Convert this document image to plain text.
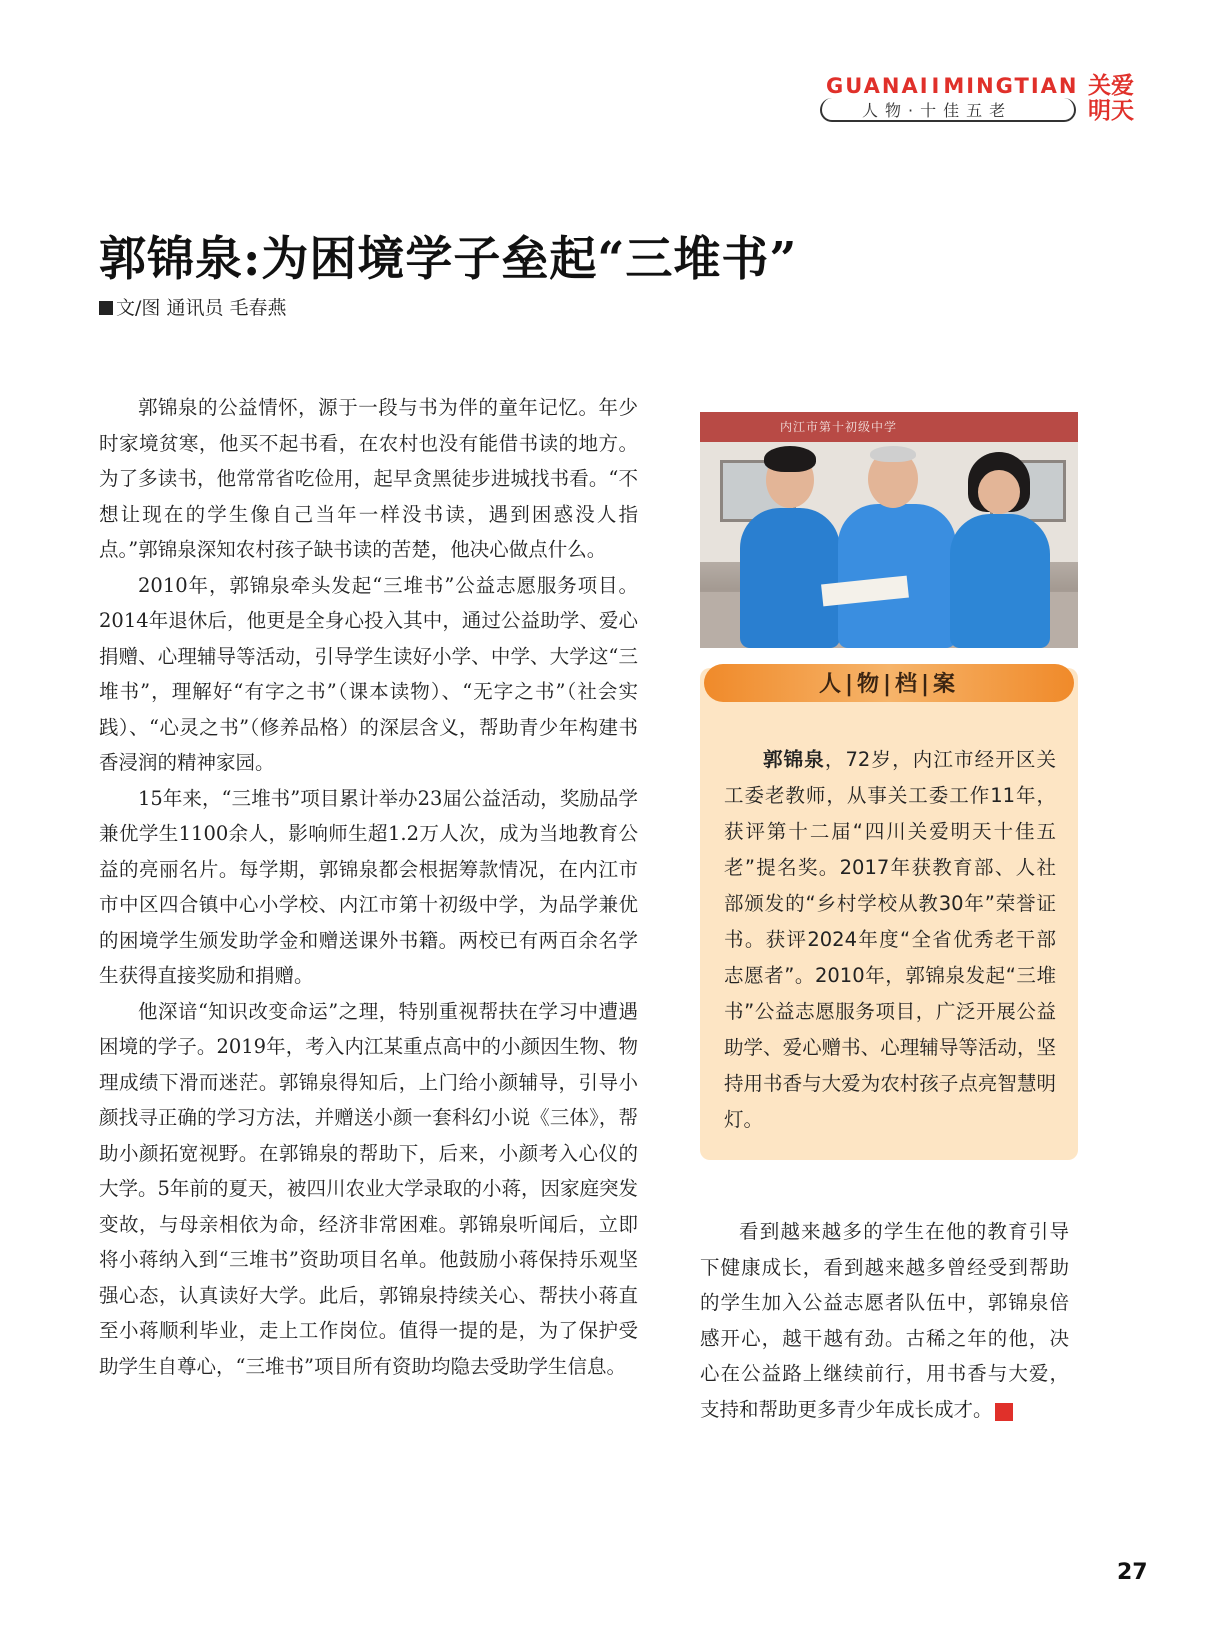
GUANAIIMINGTIAN
人物·十佳五老
关爱明天
郭锦泉:为困境学子垒起“三堆书”
文/图 通讯员 毛春燕

郭锦泉的公益情怀，源于一段与书为伴的童年记忆。年少时家境贫寒，他买不起书看，在农村也没有能借书读的地方。为了多读书，他常常省吃俭用，起早贪黑徒步进城找书看。“不想让现在的学生像自己当年一样没书读，遇到困惑没人指点。”郭锦泉深知农村孩子缺书读的苦楚，他决心做点什么。

2010年，郭锦泉牵头发起“三堆书”公益志愿服务项目。2014年退休后，他更是全身心投入其中，通过公益助学、爱心捐赠、心理辅导等活动，引导学生读好小学、中学、大学这“三堆书”，理解好“有字之书”（课本读物）、“无字之书”（社会实践）、“心灵之书”（修养品格）的深层含义，帮助青少年构建书香浸润的精神家园。

15年来，“三堆书”项目累计举办23届公益活动，奖励品学兼优学生1100余人，影响师生超1.2万人次，成为当地教育公益的亮丽名片。每学期，郭锦泉都会根据筹款情况，在内江市市中区四合镇中心小学校、内江市第十初级中学，为品学兼优的困境学生颁发助学金和赠送课外书籍。两校已有两百余名学生获得直接奖励和捐赠。

他深谙“知识改变命运”之理，特别重视帮扶在学习中遭遇困境的学子。2019年，考入内江某重点高中的小颜因生物、物理成绩下滑而迷茫。郭锦泉得知后，上门给小颜辅导，引导小颜找寻正确的学习方法，并赠送小颜一套科幻小说《三体》，帮助小颜拓宽视野。在郭锦泉的帮助下，后来，小颜考入心仪的大学。5年前的夏天，被四川农业大学录取的小蒋，因家庭突发变故，与母亲相依为命，经济非常困难。郭锦泉听闻后，立即将小蒋纳入到“三堆书”资助项目名单。他鼓励小蒋保持乐观坚强心态，认真读好大学。此后，郭锦泉持续关心、帮扶小蒋直至小蒋顺利毕业，走上工作岗位。值得一提的是，为了保护受助学生自尊心，“三堆书”项目所有资助均隐去受助学生信息。

内江市第十初级中学
人|物|档|案

郭锦泉，72岁，内江市经开区关工委老教师，从事关工委工作11年，获评第十二届“四川关爱明天十佳五老”提名奖。2017年获教育部、人社部颁发的“乡村学校从教30年”荣誉证书。获评2024年度“全省优秀老干部志愿者”。2010年，郭锦泉发起“三堆书”公益志愿服务项目，广泛开展公益助学、爱心赠书、心理辅导等活动，坚持用书香与大爱为农村孩子点亮智慧明灯。

看到越来越多的学生在他的教育引导下健康成长，看到越来越多曾经受到帮助的学生加入公益志愿者队伍中，郭锦泉倍感开心，越干越有劲。古稀之年的他，决心在公益路上继续前行，用书香与大爱，支持和帮助更多青少年成长成才。	关

27
